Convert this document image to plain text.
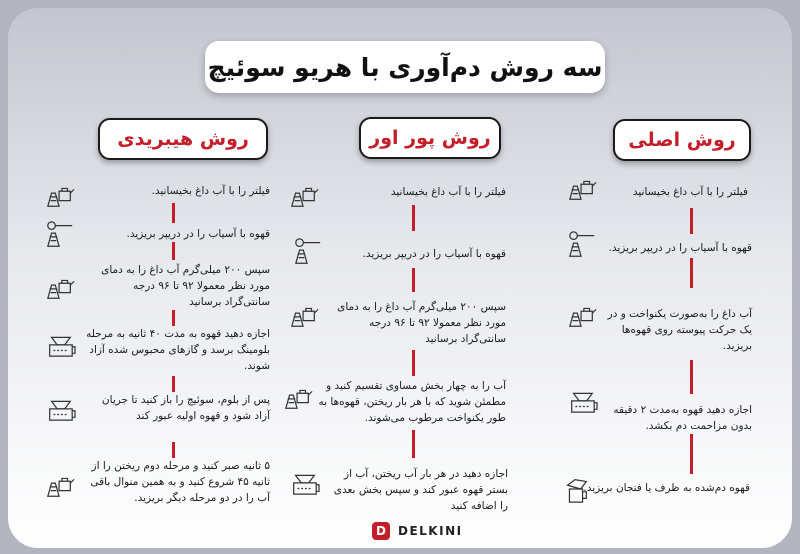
سه روش دم‌آوری با هریو سوئیچ
روش اصلی
روش پور اور
روش هیبریدی
فیلتر را با آب داغ بخیسانید
قهوه با آسیاب را در دریپر بریزید.
آب داغ را به‌صورت یکنواخت و در یک حرکت پیوسته روی قهوه‌ها بریزید.
اجازه دهید قهوه به‌مدت ۲ دقیقه بدون مزاحمت دم بکشد.
قهوه دم‌شده به ظرف یا فنجان بریزید.
فیلتر را با آب داغ بخیسانید
قهوه با آسیاب را در دریپر بریزید.
سپس ۲۰۰ میلی‌گرم آب داغ را به دمای مورد نظر معمولا ۹۲ تا ۹۶ درجه سانتی‌گراد برسانید
آب را به چهار بخش مساوی تقسیم کنید و مطمئن شوید که با هر بار ریختن، قهوه‌ها به طور یکنواخت مرطوب می‌شوند.
اجازه دهید در هر بار آب ریختن، آب از بستر قهوه عبور کند و سپس بخش بعدی را اضافه کنید
فیلتر را با آب داغ بخیسانید.
قهوه با آسیاب را در دریپر بریزید.
سپس ۲۰۰ میلی‌گرم آب داغ را به دمای مورد نظر معمولا ۹۲ تا ۹۶ درجه سانتی‌گراد برسانید
اجازه دهید قهوه به مدت ۴۰ ثانیه به مرحله بلومینگ برسد و گازهای محبوس شده آزاد شوند.
پس از بلوم، سوئیچ را باز کنید تا جریان آزاد شود و قهوه اولیه عبور کند
۵ ثانیه صبر کنید و مرحله دوم ریختن را از ثانیه ۴۵ شروع کنید و به همین منوال باقی آب را در دو مرحله دیگر بریزید.
D	DELKINI
